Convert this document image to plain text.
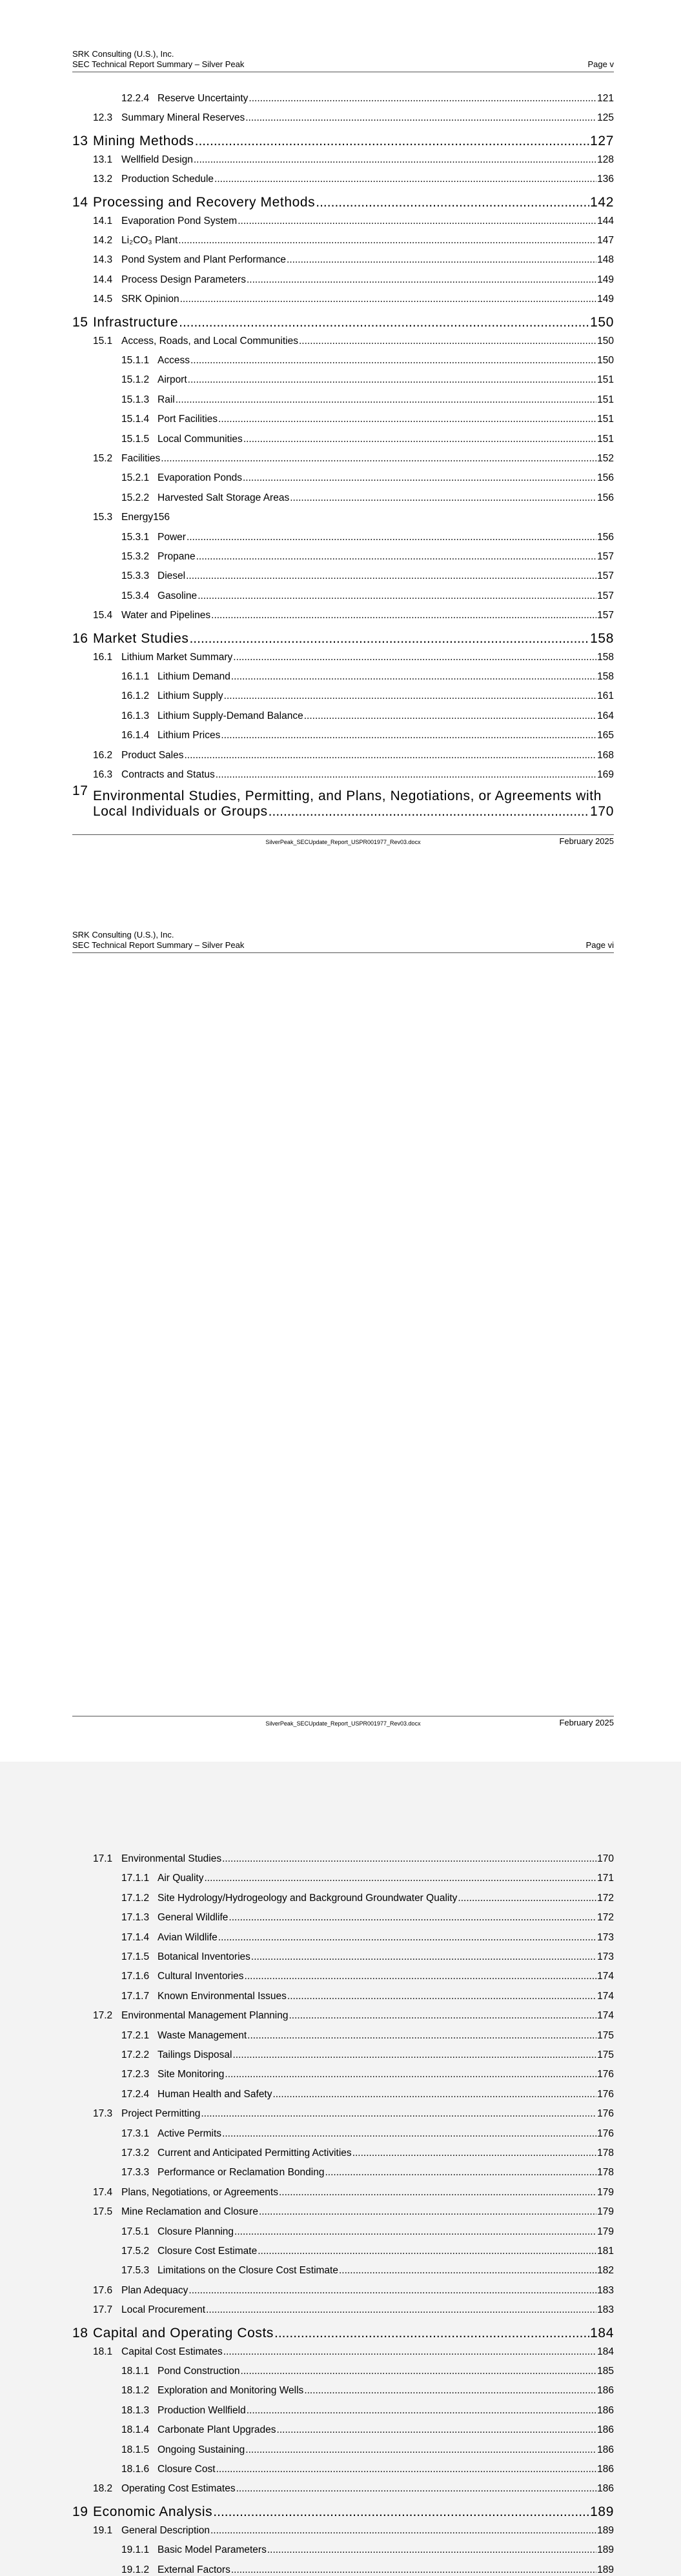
SRK Consulting (U.S.), Inc.
SEC Technical Report Summary – Silver Peak	Page v
12.2.4 Reserve Uncertainty .....	121
12.3 Summary Mineral Reserves .....	125
13 Mining Methods .....	127
13.1 Wellfield Design .....	128
13.2 Production Schedule .....	136
14 Processing and Recovery Methods .....	142
14.1 Evaporation Pond System .....	144
14.2 Li₂CO₃ Plant .....	147
14.3 Pond System and Plant Performance .....	148
14.4 Process Design Parameters .....	149
14.5 SRK Opinion .....	149
15 Infrastructure .....	150
15.1 Access, Roads, and Local Communities .....	150
15.1.1 Access .....	150
15.1.2 Airport .....	151
15.1.3 Rail .....	151
15.1.4 Port Facilities .....	151
15.1.5 Local Communities .....	151
15.2 Facilities .....	152
15.2.1 Evaporation Ponds .....	156
15.2.2 Harvested Salt Storage Areas .....	156
15.3 Energy156
15.3.1 Power .....	156
15.3.2 Propane .....	157
15.3.3 Diesel .....	157
15.3.4 Gasoline .....	157
15.4 Water and Pipelines .....	157
16 Market Studies .....	158
16.1 Lithium Market Summary .....	158
16.1.1 Lithium Demand .....	158
16.1.2 Lithium Supply .....	161
16.1.3 Lithium Supply-Demand Balance .....	164
16.1.4 Lithium Prices .....	165
16.2 Product Sales .....	168
16.3 Contracts and Status .....	169
17 Environmental Studies, Permitting, and Plans, Negotiations, or Agreements with
Local Individuals or Groups .....	170
SilverPeak_SECUpdate_Report_USPR001977_Rev03.docx	February 2025
SRK Consulting (U.S.), Inc.
SEC Technical Report Summary – Silver Peak	Page vi
17.1 Environmental Studies .....	170
17.1.1 Air Quality .....	171
17.1.2 Site Hydrology/Hydrogeology and Background Groundwater Quality .....	172
17.1.3 General Wildlife .....	172
17.1.4 Avian Wildlife .....	173
17.1.5 Botanical Inventories .....	173
17.1.6 Cultural Inventories .....	174
17.1.7 Known Environmental Issues .....	174
17.2 Environmental Management Planning .....	174
17.2.1 Waste Management .....	175
17.2.2 Tailings Disposal .....	175
17.2.3 Site Monitoring .....	176
17.2.4 Human Health and Safety .....	176
17.3 Project Permitting .....	176
17.3.1 Active Permits .....	176
17.3.2 Current and Anticipated Permitting Activities .....	178
17.3.3 Performance or Reclamation Bonding .....	178
17.4 Plans, Negotiations, or Agreements .....	179
17.5 Mine Reclamation and Closure .....	179
17.5.1 Closure Planning .....	179
17.5.2 Closure Cost Estimate .....	181
17.5.3 Limitations on the Closure Cost Estimate .....	182
17.6 Plan Adequacy .....	183
17.7 Local Procurement .....	183
18 Capital and Operating Costs .....	184
18.1 Capital Cost Estimates .....	184
18.1.1 Pond Construction .....	185
18.1.2 Exploration and Monitoring Wells .....	186
18.1.3 Production Wellfield .....	186
18.1.4 Carbonate Plant Upgrades .....	186
18.1.5 Ongoing Sustaining .....	186
18.1.6 Closure Cost .....	186
18.2 Operating Cost Estimates .....	186
19 Economic Analysis .....	189
19.1 General Description .....	189
19.1.1 Basic Model Parameters .....	189
19.1.2 External Factors .....	189
SilverPeak_SECUpdate_Report_USPR001977_Rev03.docx	February 2025
